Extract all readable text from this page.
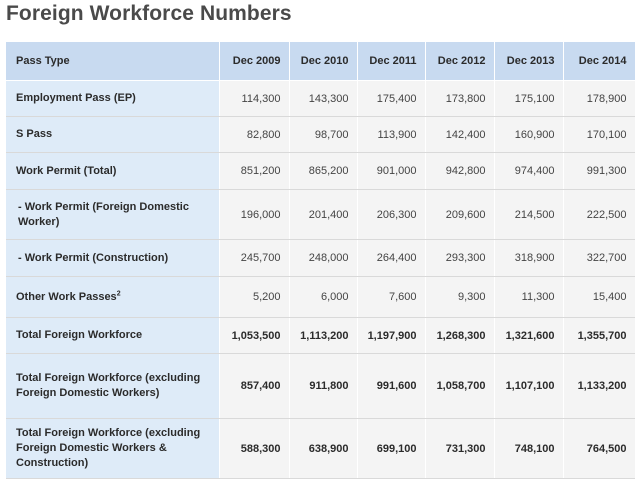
Foreign Workforce Numbers
Pass Type	Dec 2009	Dec 2010	Dec 2011	Dec 2012	Dec 2013	Dec 2014
Employment Pass (EP)	114,300	143,300	175,400	173,800	175,100	178,900
S Pass	82,800	98,700	113,900	142,400	160,900	170,100
Work Permit (Total)	851,200	865,200	901,000	942,800	974,400	991,300
- Work Permit (Foreign Domestic Worker)	196,000	201,400	206,300	209,600	214,500	222,500
- Work Permit (Construction)	245,700	248,000	264,400	293,300	318,900	322,700
Other Work Passes$^2$	5,200	6,000	7,600	9,300	11,300	15,400
Total Foreign Workforce	1,053,500	1,113,200	1,197,900	1,268,300	1,321,600	1,355,700
Total Foreign Workforce (excluding Foreign Domestic Workers)	857,400	911,800	991,600	1,058,700	1,107,100	1,133,200
Total Foreign Workforce (excluding Foreign Domestic Workers & Construction)	588,300	638,900	699,100	731,300	748,100	764,500
